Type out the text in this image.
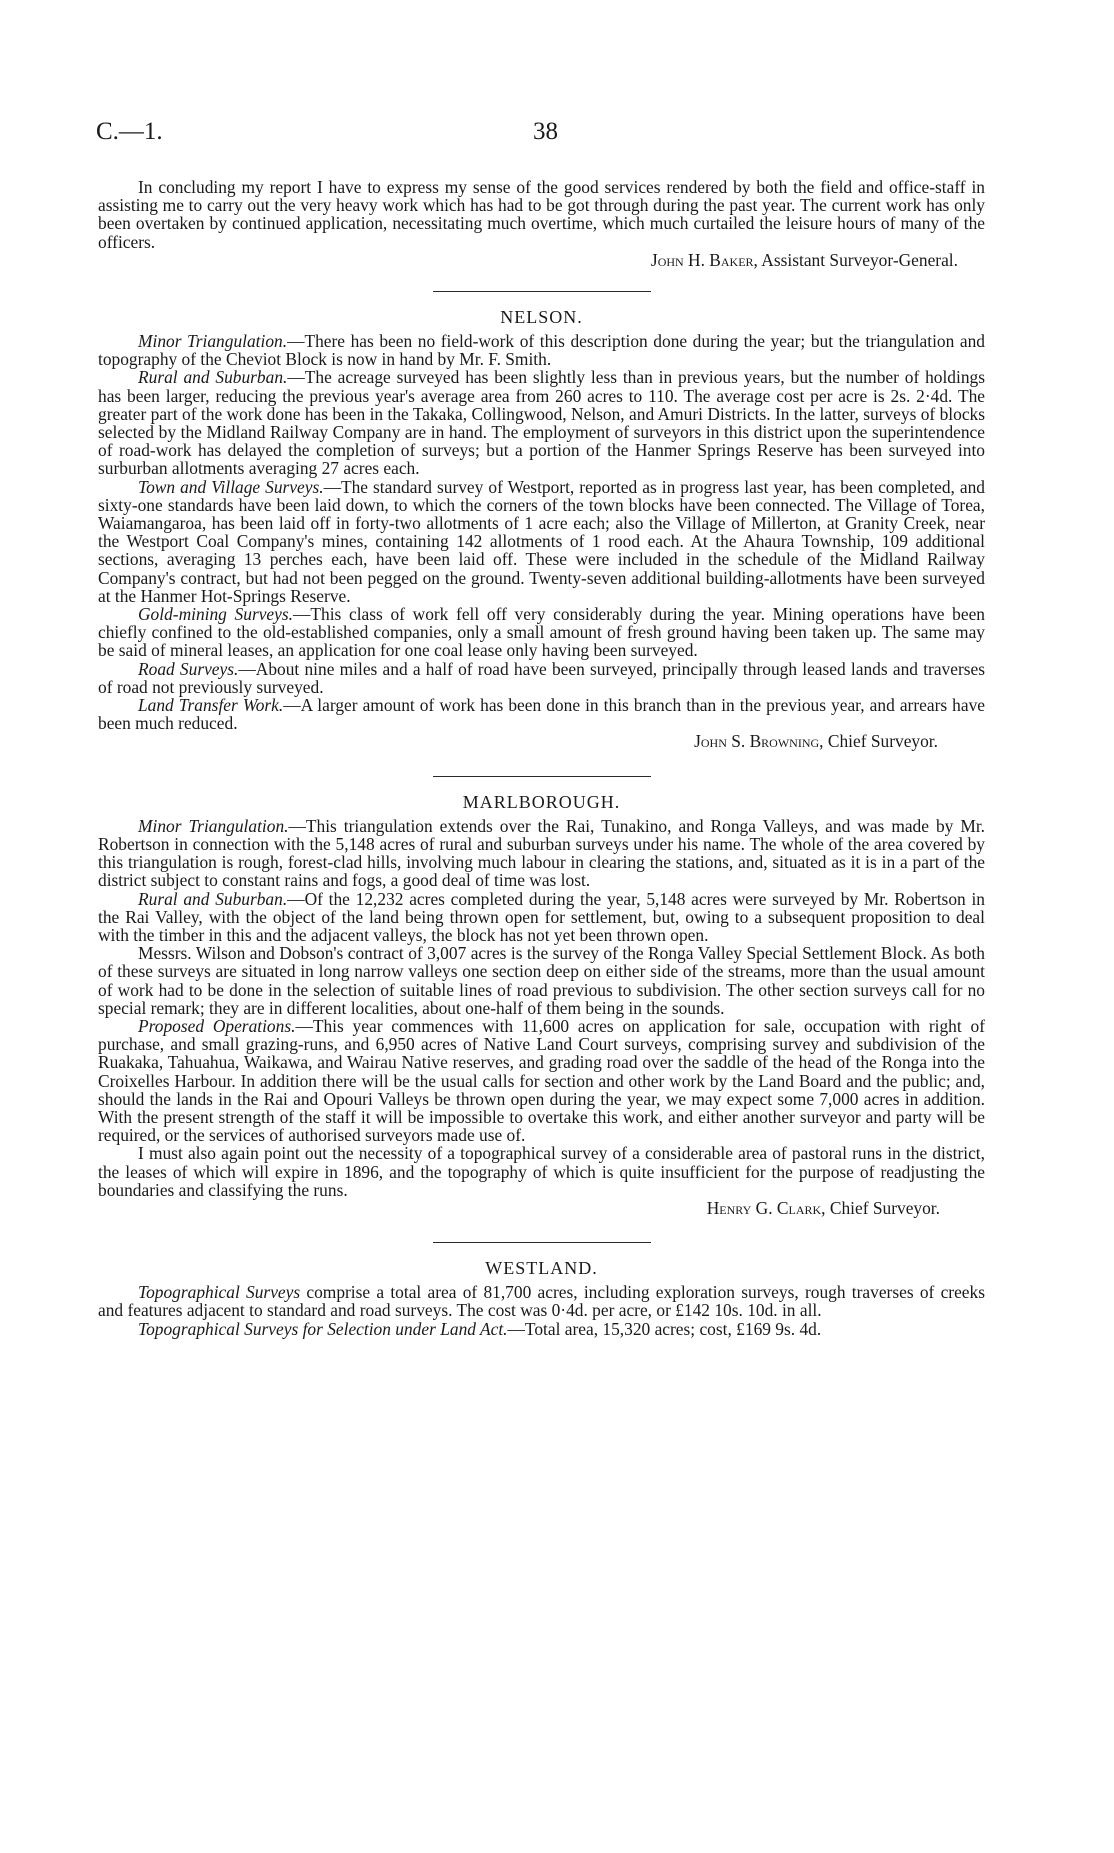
C.—1.	38

In concluding my report I have to express my sense of the good services rendered by both the field and office-staff in assisting me to carry out the very heavy work which has had to be got through during the past year. The current work has only been overtaken by continued application, necessitating much overtime, which much curtailed the leisure hours of many of the officers.

John H. Baker, Assistant Surveyor-General.
NELSON.

Minor Triangulation.—There has been no field-work of this description done during the year; but the triangulation and topography of the Cheviot Block is now in hand by Mr. F. Smith.

Rural and Suburban.—The acreage surveyed has been slightly less than in previous years, but the number of holdings has been larger, reducing the previous year's average area from 260 acres to 110. The average cost per acre is 2s. 2·4d. The greater part of the work done has been in the Takaka, Collingwood, Nelson, and Amuri Districts. In the latter, surveys of blocks selected by the Midland Railway Company are in hand. The employment of surveyors in this district upon the superintendence of road-work has delayed the completion of surveys; but a portion of the Hanmer Springs Reserve has been surveyed into surburban allotments averaging 27 acres each.

Town and Village Surveys.—The standard survey of Westport, reported as in progress last year, has been completed, and sixty-one standards have been laid down, to which the corners of the town blocks have been connected. The Village of Torea, Waiamangaroa, has been laid off in forty-two allotments of 1 acre each; also the Village of Millerton, at Granity Creek, near the Westport Coal Company's mines, containing 142 allotments of 1 rood each. At the Ahaura Township, 109 additional sections, averaging 13 perches each, have been laid off. These were included in the schedule of the Midland Railway Company's contract, but had not been pegged on the ground. Twenty-seven additional building-allotments have been surveyed at the Hanmer Hot-Springs Reserve.

Gold-mining Surveys.—This class of work fell off very considerably during the year. Mining operations have been chiefly confined to the old-established companies, only a small amount of fresh ground having been taken up. The same may be said of mineral leases, an application for one coal lease only having been surveyed.

Road Surveys.—About nine miles and a half of road have been surveyed, principally through leased lands and traverses of road not previously surveyed.

Land Transfer Work.—A larger amount of work has been done in this branch than in the previous year, and arrears have been much reduced.

John S. Browning, Chief Surveyor.
MARLBOROUGH.

Minor Triangulation.—This triangulation extends over the Rai, Tunakino, and Ronga Valleys, and was made by Mr. Robertson in connection with the 5,148 acres of rural and suburban surveys under his name. The whole of the area covered by this triangulation is rough, forest-clad hills, involving much labour in clearing the stations, and, situated as it is in a part of the district subject to constant rains and fogs, a good deal of time was lost.

Rural and Suburban.—Of the 12,232 acres completed during the year, 5,148 acres were surveyed by Mr. Robertson in the Rai Valley, with the object of the land being thrown open for settlement, but, owing to a subsequent proposition to deal with the timber in this and the adjacent valleys, the block has not yet been thrown open.

Messrs. Wilson and Dobson's contract of 3,007 acres is the survey of the Ronga Valley Special Settlement Block. As both of these surveys are situated in long narrow valleys one section deep on either side of the streams, more than the usual amount of work had to be done in the selection of suitable lines of road previous to subdivision. The other section surveys call for no special remark; they are in different localities, about one-half of them being in the sounds.

Proposed Operations.—This year commences with 11,600 acres on application for sale, occupation with right of purchase, and small grazing-runs, and 6,950 acres of Native Land Court surveys, comprising survey and subdivision of the Ruakaka, Tahuahua, Waikawa, and Wairau Native reserves, and grading road over the saddle of the head of the Ronga into the Croixelles Harbour. In addition there will be the usual calls for section and other work by the Land Board and the public; and, should the lands in the Rai and Opouri Valleys be thrown open during the year, we may expect some 7,000 acres in addition. With the present strength of the staff it will be impossible to overtake this work, and either another surveyor and party will be required, or the services of authorised surveyors made use of.

I must also again point out the necessity of a topographical survey of a considerable area of pastoral runs in the district, the leases of which will expire in 1896, and the topography of which is quite insufficient for the purpose of readjusting the boundaries and classifying the runs.

Henry G. Clark, Chief Surveyor.
WESTLAND.

Topographical Surveys comprise a total area of 81,700 acres, including exploration surveys, rough traverses of creeks and features adjacent to standard and road surveys. The cost was 0·4d. per acre, or £142 10s. 10d. in all.

Topographical Surveys for Selection under Land Act.—Total area, 15,320 acres; cost, £169 9s. 4d.
